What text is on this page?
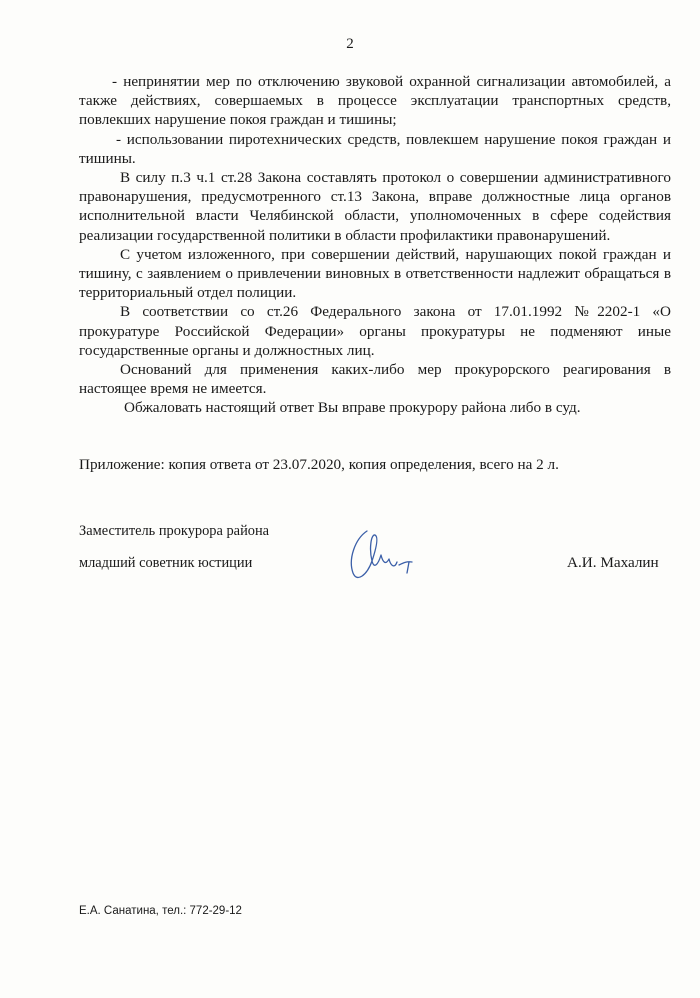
2

- непринятии мер по отключению звуковой охранной сигнализации автомобилей, а также действиях, совершаемых в процессе эксплуатации транспортных средств, повлекших нарушение покоя граждан и тишины;

- использовании пиротехнических средств, повлекшем нарушение покоя граждан и тишины.

В силу п.3 ч.1 ст.28 Закона составлять протокол о совершении административного правонарушения, предусмотренного ст.13 Закона, вправе должностные лица органов исполнительной власти Челябинской области, уполномоченных в сфере содействия реализации государственной политики в области профилактики правонарушений.

С учетом изложенного, при совершении действий, нарушающих покой граждан и тишину, с заявлением о привлечении виновных в ответственности надлежит обращаться в территориальный отдел полиции.

В соответствии со ст.26 Федерального закона от 17.01.1992 №2202-1 «О прокуратуре Российской Федерации» органы прокуратуры не подменяют иные государственные органы и должностных лиц.

Оснований для применения каких-либо мер прокурорского реагирования в настоящее время не имеется.

Обжаловать настоящий ответ Вы вправе прокурору района либо в суд.

Приложение: копия ответа от 23.07.2020, копия определения, всего на 2 л.
Заместитель прокурора района
младший советник юстиции	А.И. Махалин
Е.А. Санатина, тел.: 772-29-12
